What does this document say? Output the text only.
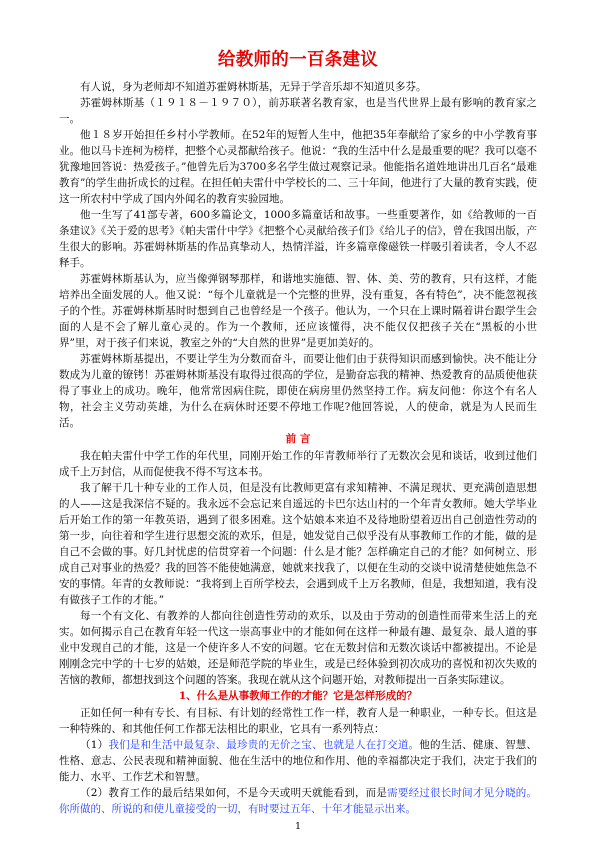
给教师的一百条建议

有人说，身为老师却不知道苏霍姆林斯基，无异于学音乐却不知道贝多芬。

苏霍姆林斯基（１９１８－１９７０），前苏联著名教育家，也是当代世界上最有影响的教育家之一。

他１８岁开始担任乡村小学教师。在52年的短暂人生中，他把35年奉献给了家乡的中小学教育事业。他以马卡连柯为榜样，把整个心灵都献给孩子。他说：“我的生活中什么是最重要的呢？我可以毫不犹豫地回答说：热爱孩子。”他曾先后为3700多名学生做过观察记录。他能指名道姓地讲出几百名“最难教育”的学生曲折成长的过程。在担任帕夫雷什中学校长的二、三十年间，他进行了大量的教育实践，使这一所农村中学成了国内外闻名的教育实验园地。

他一生写了41部专著，600多篇论文，1000多篇童话和故事。一些重要著作，如《给教师的一百条建议》《关于爱的思考》《帕夫雷什中学》《把整个心灵献给孩子们》《给儿子的信》，曾在我国出版，产生很大的影响。苏霍姆林斯基的作品真挚动人，热情洋溢，许多篇章像磁铁一样吸引着读者，令人不忍释手。

苏霍姆林斯基认为，应当像弹钢琴那样，和谐地实施德、智、体、美、劳的教育，只有这样，才能培养出全面发展的人。他又说：“每个儿童就是一个完整的世界，没有重复，各有特色”，决不能忽视孩子的个性。苏霍姆林斯基时时想到自己也曾经是一个孩子。他认为，一个只在上课时隔着讲台跟学生会面的人是不会了解儿童心灵的。作为一个教师，还应该懂得，决不能仅仅把孩子关在“黑板的小世界”里，对于孩子们来说，教室之外的“大自然的世界”是更加美好的。

苏霍姆林斯基提出，不要让学生为分数而奋斗，而要让他们由于获得知识而感到愉快。决不能让分数成为儿童的镣铐！苏霍姆林斯基没有取得过很高的学位，是勤奋忘我的精神、热爱教育的品质使他获得了事业上的成功。晚年，他常常因病住院，即使在病房里仍然坚持工作。病友问他：你这个有名人物，社会主义劳动英雄，为什么在病休时还要不停地工作呢?他回答说，人的使命，就是为人民而生活。

前 言

我在帕夫雷什中学工作的年代里，同刚开始工作的年青教师举行了无数次会见和谈话，收到过他们成千上万封信，从而促使我不得不写这本书。

我了解干几十种专业的工作人员，但是没有比教师更富有求知精神、不满足现状、更充满创造思想的人——这是我深信不疑的。我永远不会忘记来自遥远的卡巴尔达山村的一个年青女教师。她大学毕业后开始工作的第一年教英语，遇到了很多困难。这个姑娘本来迫不及待地盼望着迈出自己创造性劳动的第一步，向往着和学生进行思想交流的欢乐，但是，她发觉自己似乎没有从事教师工作的才能，做的是自己不会做的事。好几封忧虑的信贯穿着一个问题：什么是才能？怎样确定自己的才能？如何树立、形成自己对事业的热爱？我的回答不能使她满意，她就来找我了，以便在生动的交谈中说清楚使她焦急不安的事情。年青的女教师说：“我将到上百所学校去，会遇到成千上万名教师，但是，我想知道，我有没有做孩子工作的才能。”

每一个有文化、有教养的人都向往创造性劳动的欢乐，以及由于劳动的创造性而带来生活上的充实。如何揭示自己在教育年轻一代这一崇高事业中的才能如何在这样一种最有趣、最复杂、最人道的事业中发现自己的才能，这是一个使许多人不安的问题。它在无数封信和无数次谈话中都被提出。不论是刚刚念完中学的十七岁的姑娘，还是师范学院的毕业生，或是已经体验到初次成功的喜悦和初次失败的苦恼的教师，都想找到这个问题的答案。我现在就从这个问题开始，对教师提出一百条实际建议。

1、什么是从事教师工作的才能？它是怎样形成的？

正如任何一种有专长、有目标、有计划的经常性工作一样，教育人是一种职业，一种专长。但这是一种特殊的、和其他任何工作都无法相比的职业，它具有一系列特点：

（1）我们是和生活中最复杂、最珍贵的无价之宝、也就是人在打交道。他的生活、健康、智慧、性格、意志、公民表现和精神面貌、他在生活中的地位和作用、他的幸福都决定于我们，决定于我们的能力、水平、工作艺术和智慧。

（2）教育工作的最后结果如何，不是今天或明天就能看到，而是需要经过很长时间才见分晓的。你所做的、所说的和使儿童接受的一切，有时要过五年、十年才能显示出来。

1
